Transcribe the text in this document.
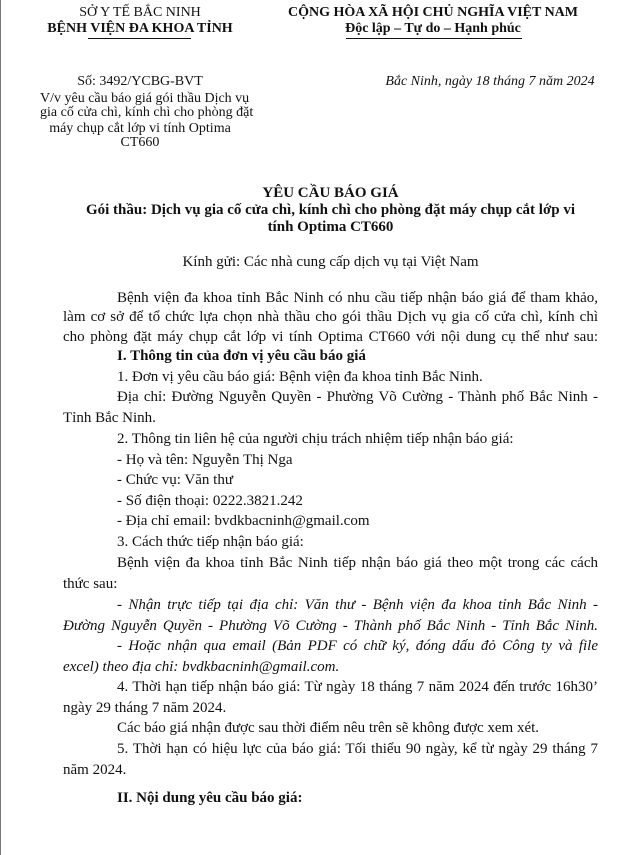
SỞ Y TẾ BẮC NINH
BỆNH VIỆN ĐA KHOA TỈNH
Số: 3492/YCBG-BVT
V/v yêu cầu báo giá gói thầu Dịch vụ
gia cố cửa chì, kính chì cho phòng đặt
máy chụp cắt lớp vi tính Optima
CT660
CỘNG HÒA XÃ HỘI CHỦ NGHĨA VIỆT NAM
Độc lập – Tự do – Hạnh phúc
Bắc Ninh, ngày 18 tháng 7 năm 2024
YÊU CẦU BÁO GIÁ
Gói thầu: Dịch vụ gia cố cửa chì, kính chì cho phòng đặt máy chụp cắt lớp vi
tính Optima CT660
Kính gửi: Các nhà cung cấp dịch vụ tại Việt Nam
Bệnh viện đa khoa tỉnh Bắc Ninh có nhu cầu tiếp nhận báo giá để tham khảo,
làm cơ sở để tổ chức lựa chọn nhà thầu cho gói thầu Dịch vụ gia cố cửa chì, kính chì
cho phòng đặt máy chụp cắt lớp vi tính Optima CT660 với nội dung cụ thể như sau:
I. Thông tin của đơn vị yêu cầu báo giá
1. Đơn vị yêu cầu báo giá: Bệnh viện đa khoa tỉnh Bắc Ninh.
Địa chỉ: Đường Nguyễn Quyền - Phường Võ Cường - Thành phố Bắc Ninh -
Tỉnh Bắc Ninh.
2. Thông tin liên hệ của người chịu trách nhiệm tiếp nhận báo giá:
- Họ và tên: Nguyễn Thị Nga
- Chức vụ: Văn thư
- Số điện thoại: 0222.3821.242
- Địa chỉ email: bvdkbacninh@gmail.com
3. Cách thức tiếp nhận báo giá:
Bệnh viện đa khoa tỉnh Bắc Ninh tiếp nhận báo giá theo một trong các cách
thức sau:
- Nhận trực tiếp tại địa chỉ: Văn thư - Bệnh viện đa khoa tỉnh Bắc Ninh -
Đường Nguyễn Quyền - Phường Võ Cường - Thành phố Bắc Ninh - Tỉnh Bắc Ninh.
- Hoặc nhận qua email (Bản PDF có chữ ký, đóng dấu đỏ Công ty và file
excel) theo địa chỉ: bvdkbacninh@gmail.com.
4. Thời hạn tiếp nhận báo giá: Từ ngày 18 tháng 7 năm 2024 đến trước 16h30’
ngày 29 tháng 7 năm 2024.
Các báo giá nhận được sau thời điểm nêu trên sẽ không được xem xét.
5. Thời hạn có hiệu lực của báo giá: Tối thiểu 90 ngày, kể từ ngày 29 tháng 7
năm 2024.
II. Nội dung yêu cầu báo giá:
